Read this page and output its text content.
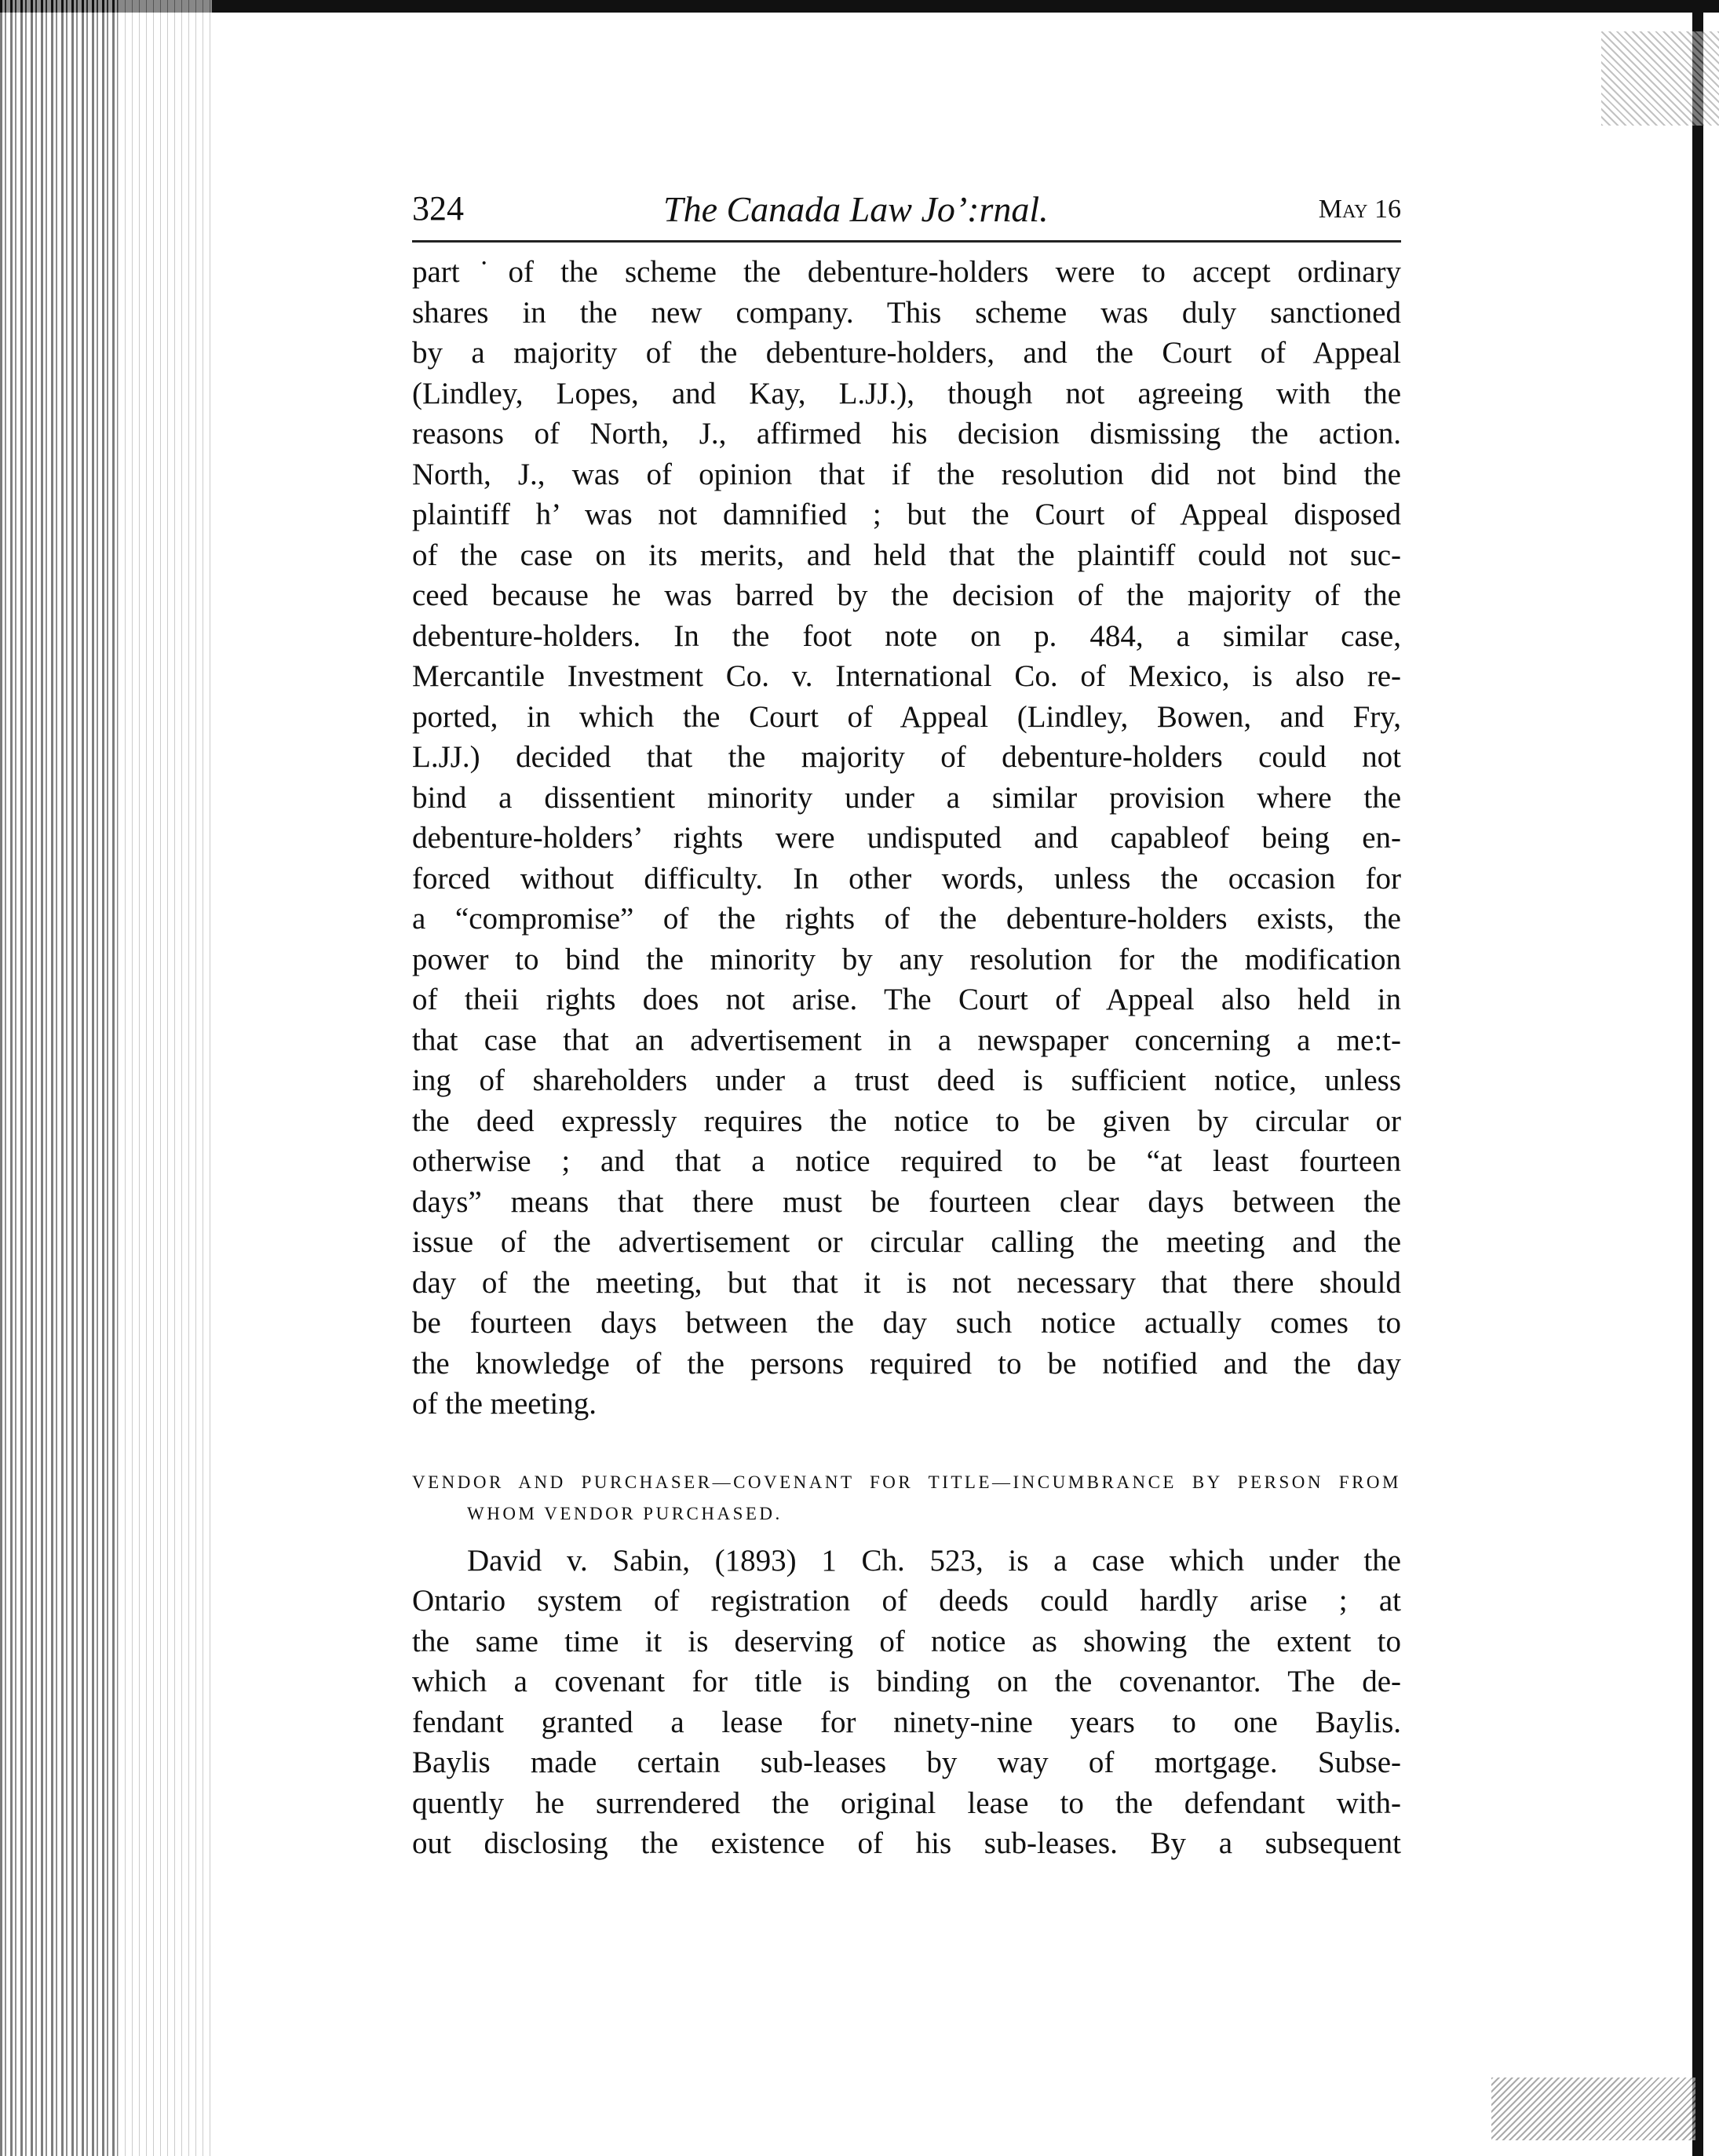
324	The Canada Law Jo’:rnal.	May 16
part˙of the scheme the debenture-holders were to accept ordinary
shares in the new company. This scheme was duly sanctioned
by a majority of the debenture-holders, and the Court of Appeal
(Lindley, Lopes, and Kay, L.JJ.), though not agreeing with the
reasons of North, J., affirmed his decision dismissing the action.
North, J., was of opinion that if the resolution did not bind the
plaintiff h’ was not damnified ; but the Court of Appeal disposed
of the case on its merits, and held that the plaintiff could not suc-
ceed because he was barred by the decision of the majority of the
debenture-holders. In the foot note on p. 484, a similar case,
Mercantile Investment Co. v. International Co. of Mexico, is also re-
ported, in which the Court of Appeal (Lindley, Bowen, and Fry,
L.JJ.) decided that the majority of debenture-holders could not
bind a dissentient minority under a similar provision where the
debenture-holders’ rights were undisputed and capableof being en-
forced without difficulty. In other words, unless the occasion for
a “compromise” of the rights of the debenture-holders exists, the
power to bind the minority by any resolution for the modification
of theii rights does not arise. The Court of Appeal also held in
that case that an advertisement in a newspaper concerning a me:t-
ing of shareholders under a trust deed is sufficient notice, unless
the deed expressly requires the notice to be given by circular or
otherwise ; and that a notice required to be “at least fourteen
days” means that there must be fourteen clear days between the
issue of the advertisement or circular calling the meeting and the
day of the meeting, but that it is not necessary that there should
be fourteen days between the day such notice actually comes to
the knowledge of the persons required to be notified and the day
of the meeting.
VENDOR AND PURCHASER—COVENANT FOR TITLE—INCUMBRANCE BY PERSON FROM
WHOM VENDOR PURCHASED.
David v. Sabin, (1893) 1 Ch. 523, is a case which under the
Ontario system of registration of deeds could hardly arise ; at
the same time it is deserving of notice as showing the extent to
which a covenant for title is binding on the covenantor. The de-
fendant granted a lease for ninety-nine years to one Baylis.
Baylis made certain sub-leases by way of mortgage. Subse-
quently he surrendered the original lease to the defendant with-
out disclosing the existence of his sub-leases. By a subsequent
